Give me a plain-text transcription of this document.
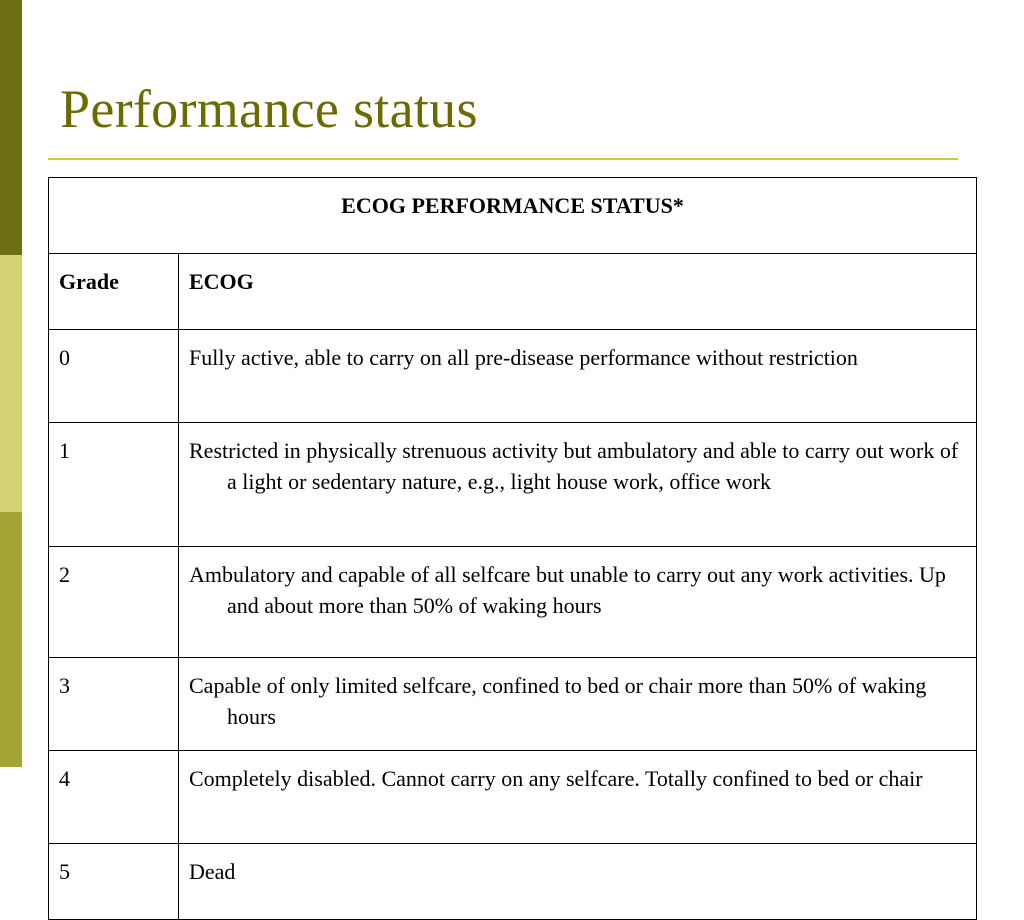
Performance status
ECOG PERFORMANCE STATUS*	
Grade	ECOG
0	Fully active, able to carry on all pre-disease performance without restriction
1	Restricted in physically strenuous activity but ambulatory and able to carry out work of a light or sedentary nature, e.g., light house work, office work
2	Ambulatory and capable of all selfcare but unable to carry out any work activities. Up and about more than 50% of waking hours
3	Capable of only limited selfcare, confined to bed or chair more than 50% of waking hours
4	Completely disabled. Cannot carry on any selfcare. Totally confined to bed or chair
5	Dead
